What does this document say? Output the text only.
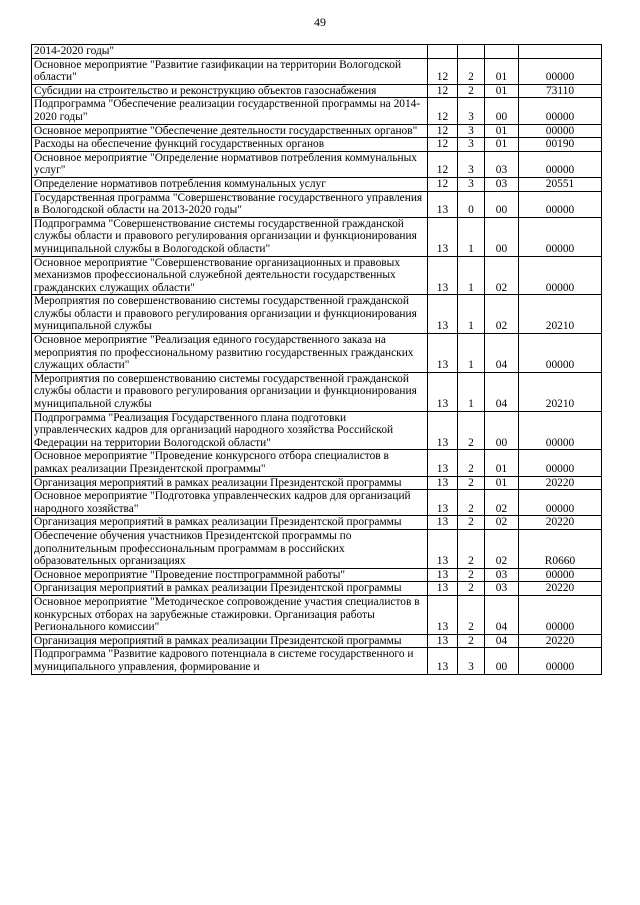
49
2014-2020 годы"				
Основное мероприятие "Развитие газификации на территории Вологодской области"	12	2	01	00000
Субсидии на строительство и реконструкцию объектов газоснабжения	12	2	01	73110
Подпрограмма "Обеспечение реализации государственной программы на 2014-2020 годы"	12	3	00	00000
Основное мероприятие "Обеспечение деятельности государственных органов"	12	3	01	00000
Расходы на обеспечение функций государственных органов	12	3	01	00190
Основное мероприятие "Определение нормативов потребления коммунальных услуг"	12	3	03	00000
Определение нормативов потребления коммунальных услуг	12	3	03	20551
Государственная программа "Совершенствование государственного управления в Вологодской области на 2013-2020 годы"	13	0	00	00000
Подпрограмма "Совершенствование системы государственной гражданской службы области и правового регулирования организации и функционирования муниципальной службы в Вологодской области"	13	1	00	00000
Основное мероприятие "Совершенствование организационных и правовых механизмов профессиональной служебной деятельности государственных гражданских служащих области"	13	1	02	00000
Мероприятия по совершенствованию системы государственной гражданской службы области и правового регулирования организации и функционирования муниципальной службы	13	1	02	20210
Основное мероприятие "Реализация единого государственного заказа на мероприятия по профессиональному развитию государственных гражданских служащих области"	13	1	04	00000
Мероприятия по совершенствованию системы государственной гражданской службы области и правового регулирования организации и функционирования муниципальной службы	13	1	04	20210
Подпрограмма "Реализация Государственного плана подготовки управленческих кадров для организаций народного хозяйства Российской Федерации на территории Вологодской области"	13	2	00	00000
Основное мероприятие "Проведение конкурсного отбора специалистов в рамках реализации Президентской программы"	13	2	01	00000
Организация мероприятий в рамках реализации Президентской программы	13	2	01	20220
Основное мероприятие "Подготовка управленческих кадров для организаций народного хозяйства"	13	2	02	00000
Организация мероприятий в рамках реализации Президентской программы	13	2	02	20220
Обеспечение обучения участников Президентской программы по дополнительным профессиональным программам в российских образовательных организациях	13	2	02	R0660
Основное мероприятие "Проведение постпрограммной работы"	13	2	03	00000
Организация мероприятий в рамках реализации Президентской программы	13	2	03	20220
Основное мероприятие "Методическое сопровождение участия специалистов в конкурсных отборах на зарубежные стажировки. Организация работы Регионального комиссии"	13	2	04	00000
Организация мероприятий в рамках реализации Президентской программы	13	2	04	20220
Подпрограмма "Развитие кадрового потенциала в системе государственного и муниципального управления, формирование и	13	3	00	00000
